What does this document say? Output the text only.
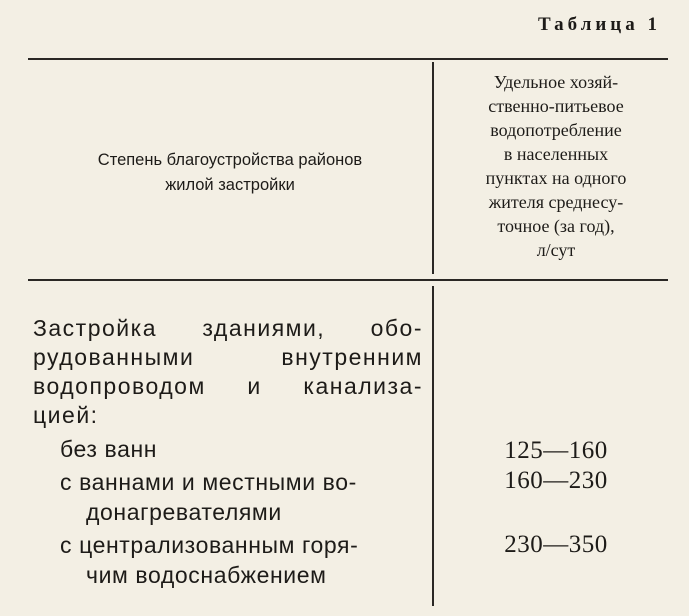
Таблица 1
Степень благоустройства районов
жилой застройки
Удельное хозяй-
ственно-питьевое
водопотребление
в населенных
пунктах на одного
жителя среднесу-
точное (за год),
л/сут
Застройка зданиями, обо-
рудованными внутренним
водопроводом и канализа-
цией:
без ванн	125—160
с ваннами и местными во-
донагревателями
160—230
с централизованным горя-
чим водоснабжением
230—350
